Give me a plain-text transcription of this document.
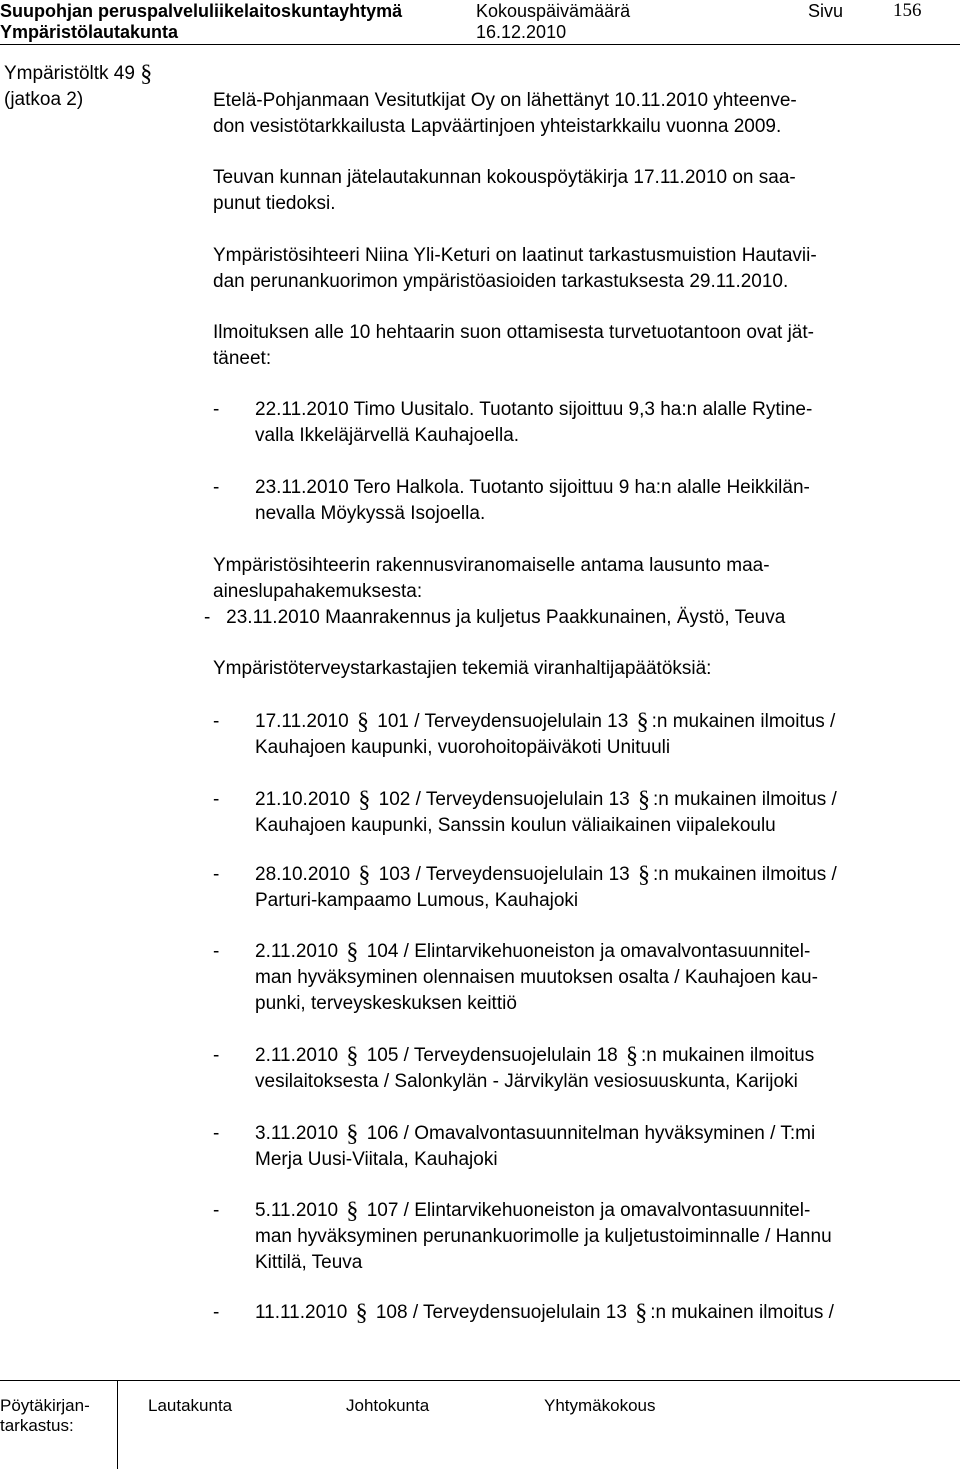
Suupohjan peruspalveluliikelaitoskuntayhtymä
Ympäristölautakunta
Kokouspäivämäärä
16.12.2010
Sivu	156
Ympäristöltk 49 §
(jatkoa 2)	Etelä-Pohjanmaan Vesitutkijat Oy on lähettänyt 10.11.2010 yhteenve-
don vesistötarkkailusta Lapväärtinjoen yhteistarkkailu vuonna 2009.
Teuvan kunnan jätelautakunnan kokouspöytäkirja 17.11.2010 on saa-
punut tiedoksi.
Ympäristösihteeri Niina Yli-Keturi on laatinut tarkastusmuistion Hautavii-
dan perunankuorimon ympäristöasioiden tarkastuksesta 29.11.2010.
Ilmoituksen alle 10 hehtaarin suon ottamisesta turvetuotantoon ovat jät-
täneet:
- 22.11.2010 Timo Uusitalo. Tuotanto sijoittuu 9,3 ha:n alalle Rytine-
valla Ikkeläjärvellä Kauhajoella.
- 23.11.2010 Tero Halkola. Tuotanto sijoittuu 9 ha:n alalle Heikkilän-
nevalla Möykyssä Isojoella.
Ympäristösihteerin rakennusviranomaiselle antama lausunto maa-
aineslupahakemuksesta:
-   23.11.2010 Maanrakennus ja kuljetus Paakkunainen, Äystö, Teuva
Ympäristöterveystarkastajien tekemiä viranhaltijapäätöksiä:
- 17.11.2010 § 101 / Terveydensuojelulain 13 § :n mukainen ilmoitus /
Kauhajoen kaupunki, vuorohoitopäiväkoti Unituuli
- 21.10.2010 § 102 / Terveydensuojelulain 13 § :n mukainen ilmoitus /
Kauhajoen kaupunki, Sanssin koulun väliaikainen viipalekoulu
- 28.10.2010 § 103 / Terveydensuojelulain 13 § :n mukainen ilmoitus /
Parturi-kampaamo Lumous, Kauhajoki
- 2.11.2010 § 104 / Elintarvikehuoneiston ja omavalvontasuunnitel-
man hyväksyminen olennaisen muutoksen osalta / Kauhajoen kau-
punki, terveyskeskuksen keittiö
- 2.11.2010 § 105 / Terveydensuojelulain 18 § :n mukainen ilmoitus
vesilaitoksesta / Salonkylän - Järvikylän vesiosuuskunta, Karijoki
- 3.11.2010 § 106 / Omavalvontasuunnitelman hyväksyminen / T:mi
Merja Uusi-Viitala, Kauhajoki
- 5.11.2010 § 107 / Elintarvikehuoneiston ja omavalvontasuunnitel-
man hyväksyminen perunankuorimolle ja kuljetustoiminnalle / Hannu
Kittilä, Teuva
- 11.11.2010 § 108 / Terveydensuojelulain 13 § :n mukainen ilmoitus /
Pöytäkirjan-
tarkastus:
Lautakunta	Johtokunta	Yhtymäkokous
